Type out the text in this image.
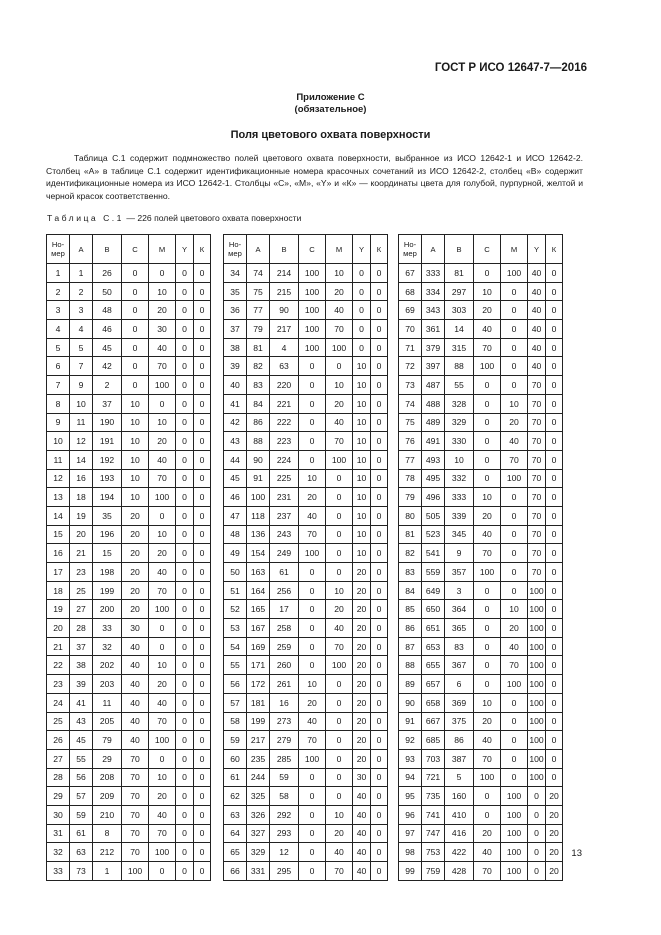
ГОСТ Р ИСО 12647-7—2016
Приложение С
(обязательное)
Поля цветового охвата поверхности

Таблица С.1 содержит подмножество полей цветового охвата поверхности, выбранное из ИСО 12642-1 и ИСО 12642-2. Столбец «А» в таблице С.1 содержит идентификационные номера красочных сочетаний из ИСО 12642-2, столбец «В» содержит идентификационные номера из ИСО 12642-1. Столбцы «С», «М», «Y» и «К» — координаты цвета для голубой, пурпурной, желтой и черной красок соответственно.

Таблица С.1 — 226 полей цветового охвата поверхности
Но-
мер	А	В	С	М	Y	К
1	1	26	0	0	0	0
2	2	50	0	10	0	0
3	3	48	0	20	0	0
4	4	46	0	30	0	0
5	5	45	0	40	0	0
6	7	42	0	70	0	0
7	9	2	0	100	0	0
8	10	37	10	0	0	0
9	11	190	10	10	0	0
10	12	191	10	20	0	0
11	14	192	10	40	0	0
12	16	193	10	70	0	0
13	18	194	10	100	0	0
14	19	35	20	0	0	0
15	20	196	20	10	0	0
16	21	15	20	20	0	0
17	23	198	20	40	0	0
18	25	199	20	70	0	0
19	27	200	20	100	0	0
20	28	33	30	0	0	0
21	37	32	40	0	0	0
22	38	202	40	10	0	0
23	39	203	40	20	0	0
24	41	11	40	40	0	0
25	43	205	40	70	0	0
26	45	79	40	100	0	0
27	55	29	70	0	0	0
28	56	208	70	10	0	0
29	57	209	70	20	0	0
30	59	210	70	40	0	0
31	61	8	70	70	0	0
32	63	212	70	100	0	0
33	73	1	100	0	0	0
Но-
мер	А	В	С	М	Y	К
34	74	214	100	10	0	0
35	75	215	100	20	0	0
36	77	90	100	40	0	0
37	79	217	100	70	0	0
38	81	4	100	100	0	0
39	82	63	0	0	10	0
40	83	220	0	10	10	0
41	84	221	0	20	10	0
42	86	222	0	40	10	0
43	88	223	0	70	10	0
44	90	224	0	100	10	0
45	91	225	10	0	10	0
46	100	231	20	0	10	0
47	118	237	40	0	10	0
48	136	243	70	0	10	0
49	154	249	100	0	10	0
50	163	61	0	0	20	0
51	164	256	0	10	20	0
52	165	17	0	20	20	0
53	167	258	0	40	20	0
54	169	259	0	70	20	0
55	171	260	0	100	20	0
56	172	261	10	0	20	0
57	181	16	20	0	20	0
58	199	273	40	0	20	0
59	217	279	70	0	20	0
60	235	285	100	0	20	0
61	244	59	0	0	30	0
62	325	58	0	0	40	0
63	326	292	0	10	40	0
64	327	293	0	20	40	0
65	329	12	0	40	40	0
66	331	295	0	70	40	0
Но-
мер	А	В	С	М	Y	К
67	333	81	0	100	40	0
68	334	297	10	0	40	0
69	343	303	20	0	40	0
70	361	14	40	0	40	0
71	379	315	70	0	40	0
72	397	88	100	0	40	0
73	487	55	0	0	70	0
74	488	328	0	10	70	0
75	489	329	0	20	70	0
76	491	330	0	40	70	0
77	493	10	0	70	70	0
78	495	332	0	100	70	0
79	496	333	10	0	70	0
80	505	339	20	0	70	0
81	523	345	40	0	70	0
82	541	9	70	0	70	0
83	559	357	100	0	70	0
84	649	3	0	0	100	0
85	650	364	0	10	100	0
86	651	365	0	20	100	0
87	653	83	0	40	100	0
88	655	367	0	70	100	0
89	657	6	0	100	100	0
90	658	369	10	0	100	0
91	667	375	20	0	100	0
92	685	86	40	0	100	0
93	703	387	70	0	100	0
94	721	5	100	0	100	0
95	735	160	0	100	0	20
96	741	410	0	100	0	20
97	747	416	20	100	0	20
98	753	422	40	100	0	20
99	759	428	70	100	0	20
13
